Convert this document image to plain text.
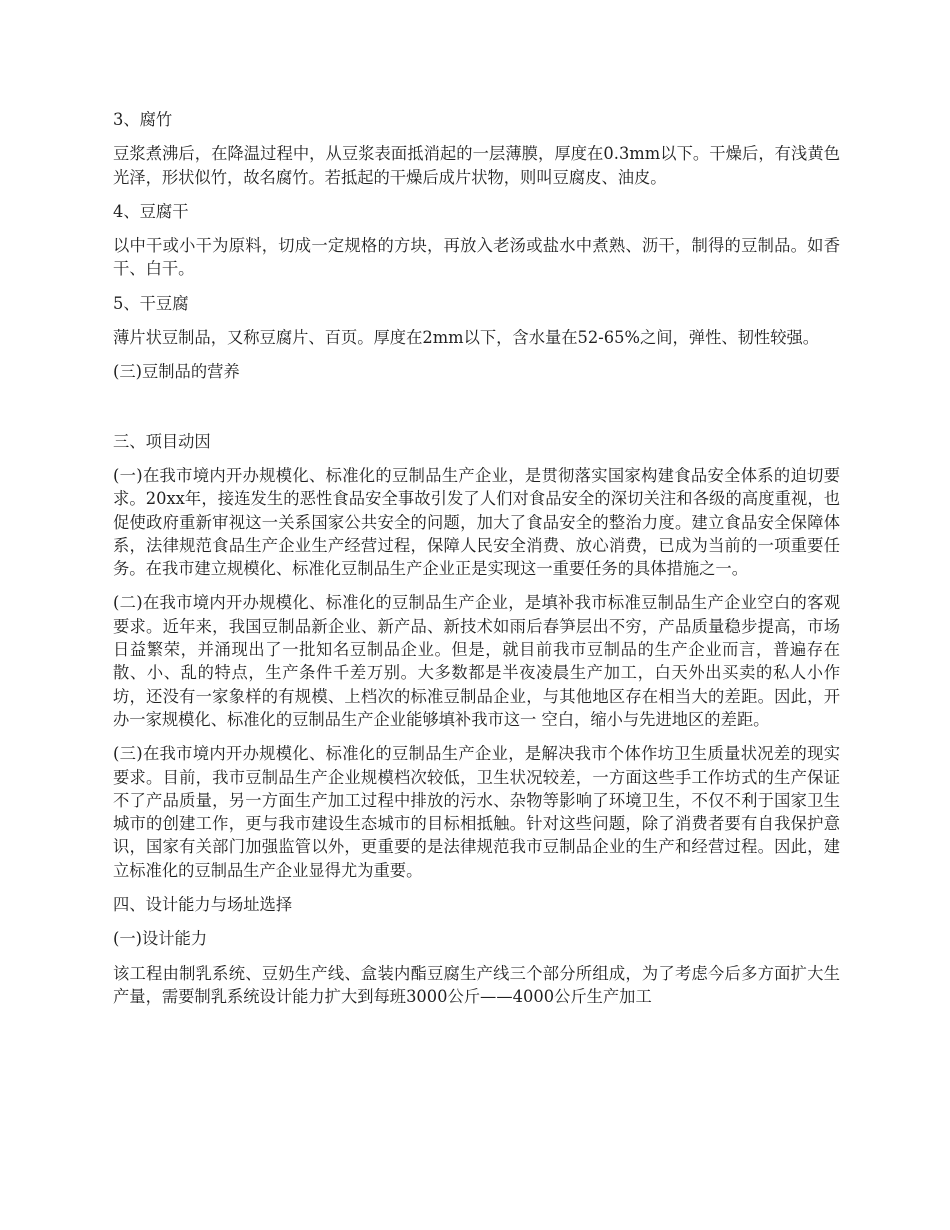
3、腐竹
豆浆煮沸后，在降温过程中，从豆浆表面抵消起的一层薄膜，厚度在0.3mm以下。干燥后，有浅黄色光泽，形状似竹，故名腐竹。若抵起的干燥后成片状物，则叫豆腐皮、油皮。
4、豆腐干
以中干或小干为原料，切成一定规格的方块，再放入老汤或盐水中煮熟、沥干，制得的豆制品。如香干、白干。
5、干豆腐
薄片状豆制品，又称豆腐片、百页。厚度在2mm以下，含水量在52-65%之间，弹性、韧性较强。
(三)豆制品的营养
三、项目动因
(一)在我市境内开办规模化、标准化的豆制品生产企业，是贯彻落实国家构建食品安全体系的迫切要求。20xx年，接连发生的恶性食品安全事故引发了人们对食品安全的深切关注和各级的高度重视，也促使政府重新审视这一关系国家公共安全的问题，加大了食品安全的整治力度。建立食品安全保障体系，法律规范食品生产企业生产经营过程，保障人民安全消费、放心消费，已成为当前的一项重要任务。在我市建立规模化、标准化豆制品生产企业正是实现这一重要任务的具体措施之一。
(二)在我市境内开办规模化、标准化的豆制品生产企业，是填补我市标准豆制品生产企业空白的客观要求。近年来，我国豆制品新企业、新产品、新技术如雨后春笋层出不穷，产品质量稳步提高，市场日益繁荣，并涌现出了一批知名豆制品企业。但是，就目前我市豆制品的生产企业而言，普遍存在散、小、乱的特点，生产条件千差万别。大多数都是半夜凌晨生产加工，白天外出买卖的私人小作坊，还没有一家象样的有规模、上档次的标准豆制品企业，与其他地区存在相当大的差距。因此，开办一家规模化、标准化的豆制品生产企业能够填补我市这一 空白，缩小与先进地区的差距。
(三)在我市境内开办规模化、标准化的豆制品生产企业，是解决我市个体作坊卫生质量状况差的现实要求。目前，我市豆制品生产企业规模档次较低，卫生状况较差，一方面这些手工作坊式的生产保证不了产品质量，另一方面生产加工过程中排放的污水、杂物等影响了环境卫生，不仅不利于国家卫生城市的创建工作，更与我市建设生态城市的目标相抵触。针对这些问题，除了消费者要有自我保护意识，国家有关部门加强监管以外，更重要的是法律规范我市豆制品企业的生产和经营过程。因此，建立标准化的豆制品生产企业显得尤为重要。
四、设计能力与场址选择
(一)设计能力
该工程由制乳系统、豆奶生产线、盒装内酯豆腐生产线三个部分所组成，为了考虑今后多方面扩大生产量，需要制乳系统设计能力扩大到每班3000公斤——4000公斤生产加工
